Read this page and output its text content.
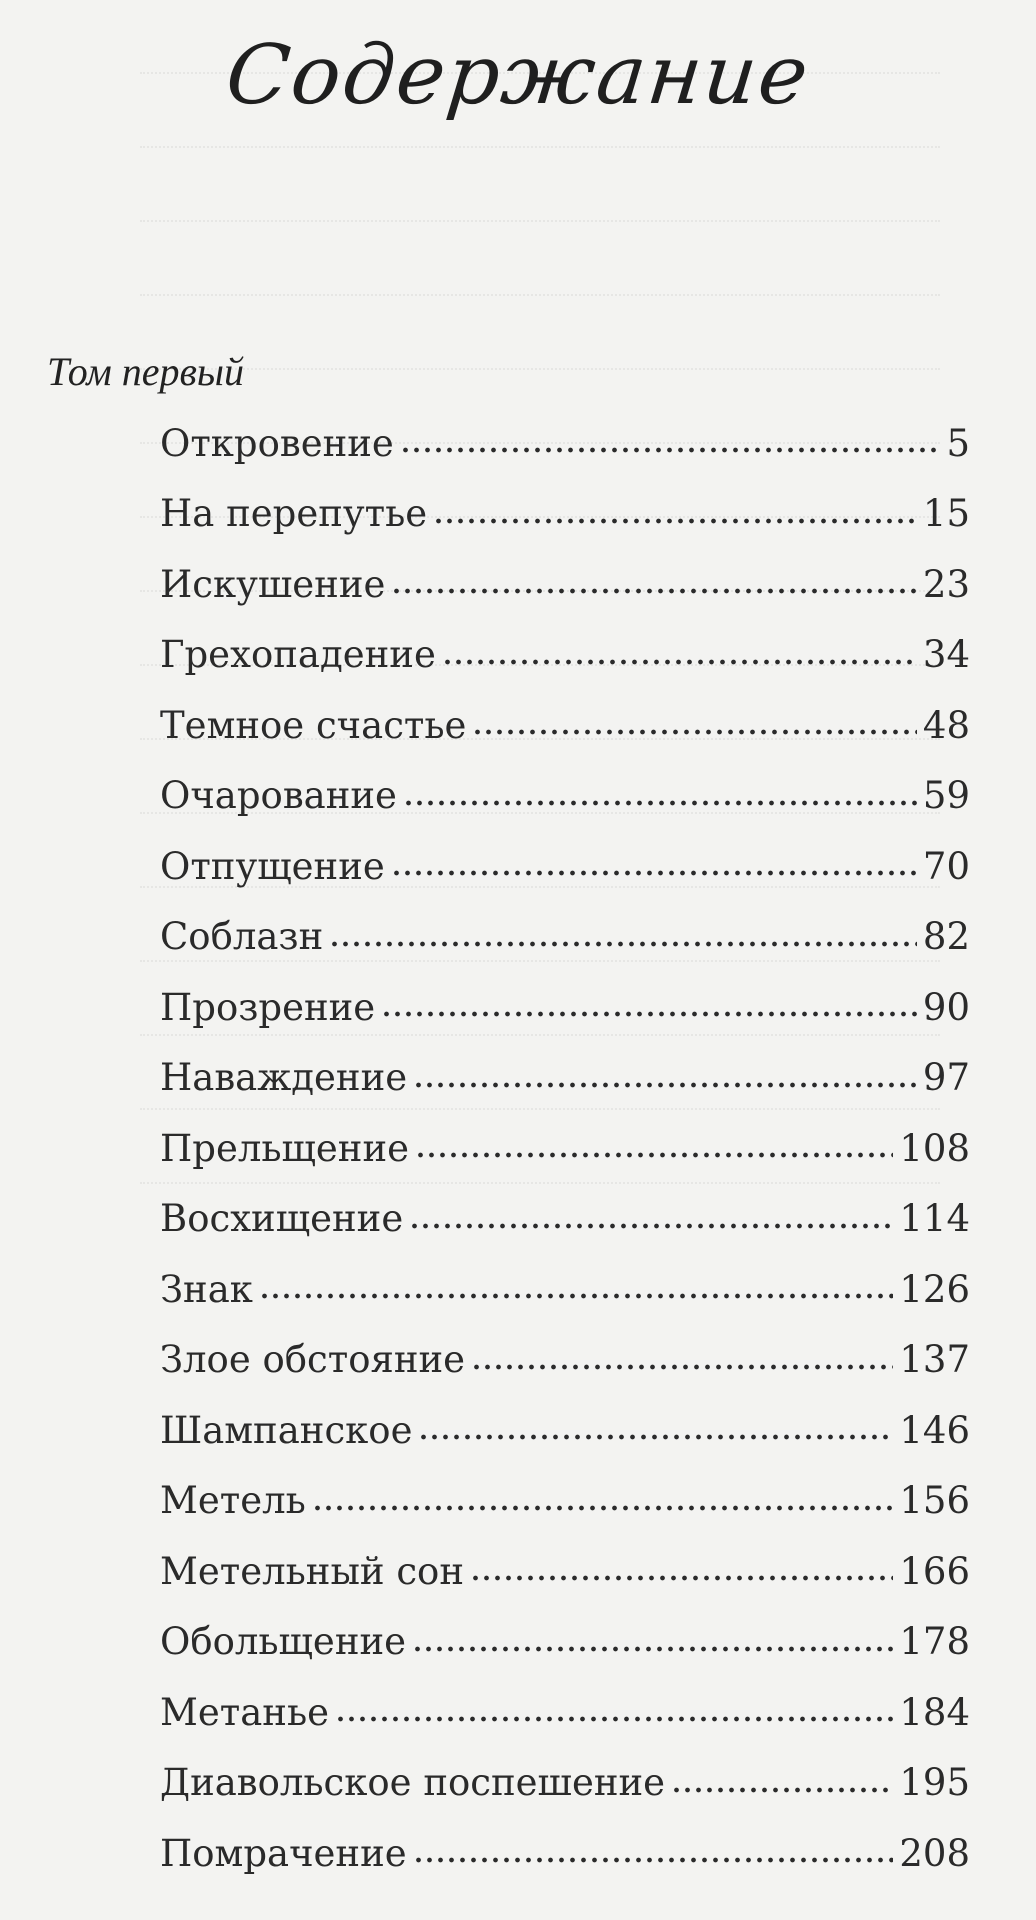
Содержание
Том первый
Откровение	5
На перепутье	15
Искушение	23
Грехопадение	34
Темное счастье	48
Очарование	59
Отпущение	70
Соблазн	82
Прозрение	90
Наваждение	97
Прельщение	108
Восхищение	114
Знак	126
Злое обстояние	137
Шампанское	146
Метель	156
Метельный сон	166
Обольщение	178
Метанье	184
Диавольское поспешение	195
Помрачение	208
